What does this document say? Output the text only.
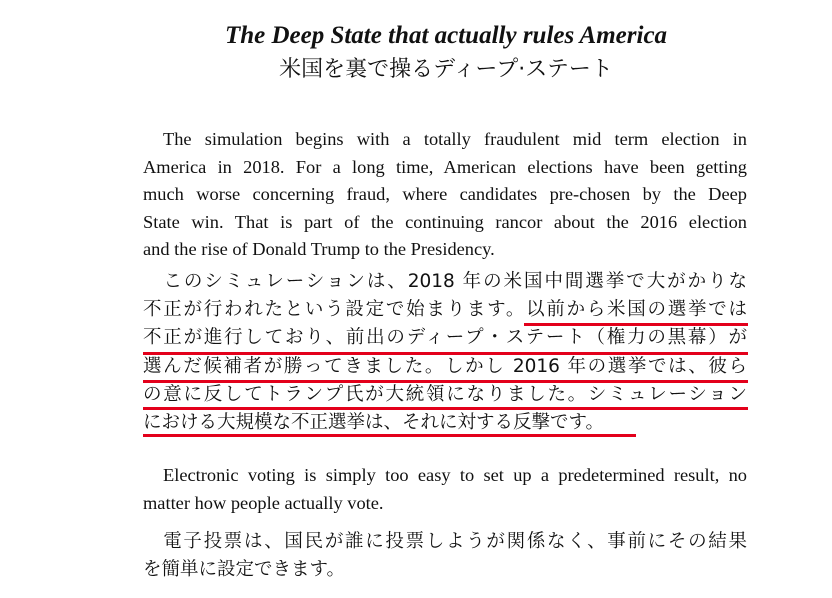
The Deep State that actually rules America
米国を裏で操るディープ·ステート
The simulation begins with a totally fraudulent mid term election in
America in 2018. For a long time, American elections have been getting
much worse concerning fraud, where candidates pre-chosen by the Deep
State win. That is part of the continuing rancor about the 2016 election
and the rise of Donald Trump to the Presidency.
　このシミュレーションは、2018 年の米国中間選挙で大がかりな
不正が行われたという設定で始まります。以前から米国の選挙では
不正が進行しており、前出のディープ・ステート（権力の黒幕）が
選んだ候補者が勝ってきました。しかし 2016 年の選挙では、彼ら
の意に反してトランプ氏が大統領になりました。シミュレーション
における大規模な不正選挙は、それに対する反撃です。
Electronic voting is simply too easy to set up a predetermined result, no
matter how people actually vote.
　電子投票は、国民が誰に投票しようが関係なく、事前にその結果
を簡単に設定できます。
